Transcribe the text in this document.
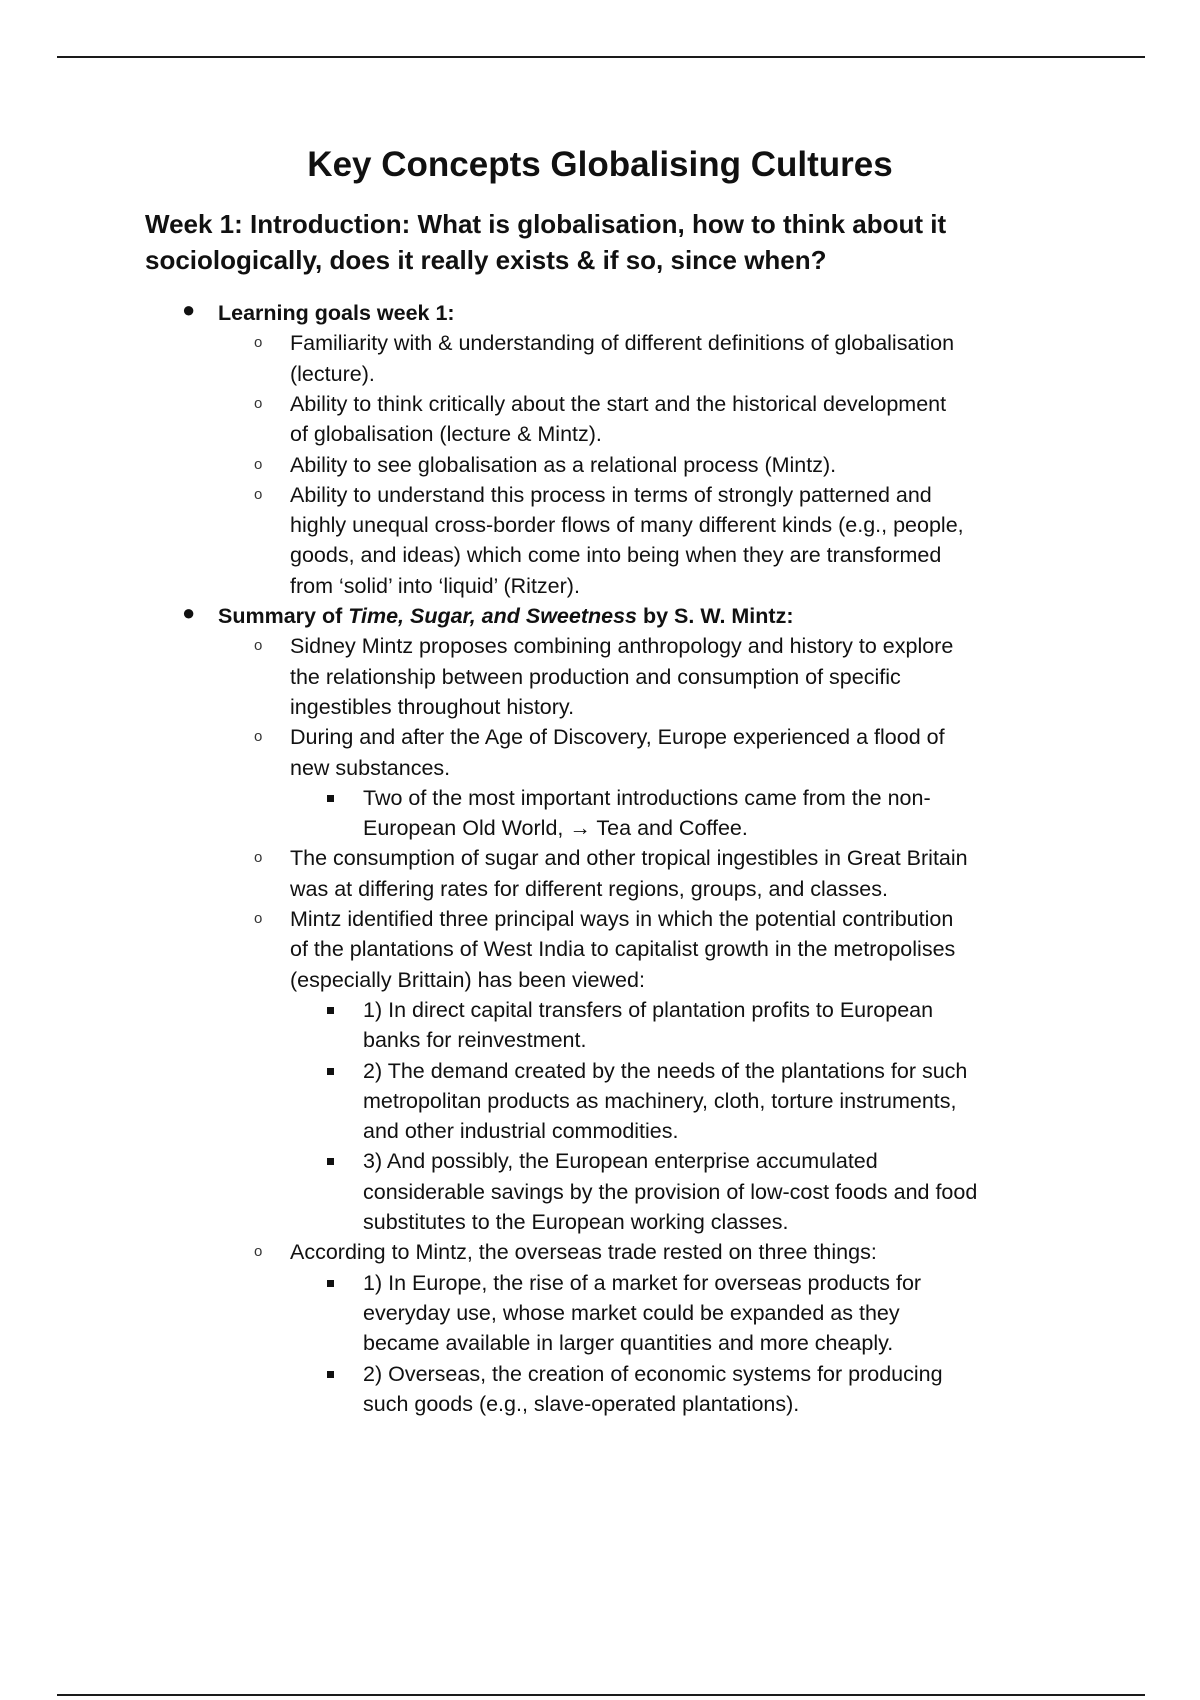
Key Concepts Globalising Cultures
Week 1: Introduction: What is globalisation, how to think about it
sociologically, does it really exists & if so, since when?
● Learning goals week 1:
o Familiarity with & understanding of different definitions of globalisation
(lecture).
o Ability to think critically about the start and the historical development
of globalisation (lecture & Mintz).
o Ability to see globalisation as a relational process (Mintz).
o Ability to understand this process in terms of strongly patterned and
highly unequal cross-border flows of many different kinds (e.g., people,
goods, and ideas) which come into being when they are transformed
from ‘solid’ into ‘liquid’ (Ritzer).
● Summary of Time, Sugar, and Sweetness by S. W. Mintz:
o Sidney Mintz proposes combining anthropology and history to explore
the relationship between production and consumption of specific
ingestibles throughout history.
o During and after the Age of Discovery, Europe experienced a flood of
new substances.
Two of the most important introductions came from the non-
European Old World, → Tea and Coffee.
o The consumption of sugar and other tropical ingestibles in Great Britain
was at differing rates for different regions, groups, and classes.
o Mintz identified three principal ways in which the potential contribution
of the plantations of West India to capitalist growth in the metropolises
(especially Brittain) has been viewed:
1) In direct capital transfers of plantation profits to European
banks for reinvestment.
2) The demand created by the needs of the plantations for such
metropolitan products as machinery, cloth, torture instruments,
and other industrial commodities.
3) And possibly, the European enterprise accumulated
considerable savings by the provision of low-cost foods and food
substitutes to the European working classes.
o According to Mintz, the overseas trade rested on three things:
1) In Europe, the rise of a market for overseas products for
everyday use, whose market could be expanded as they
became available in larger quantities and more cheaply.
2) Overseas, the creation of economic systems for producing
such goods (e.g., slave-operated plantations).
